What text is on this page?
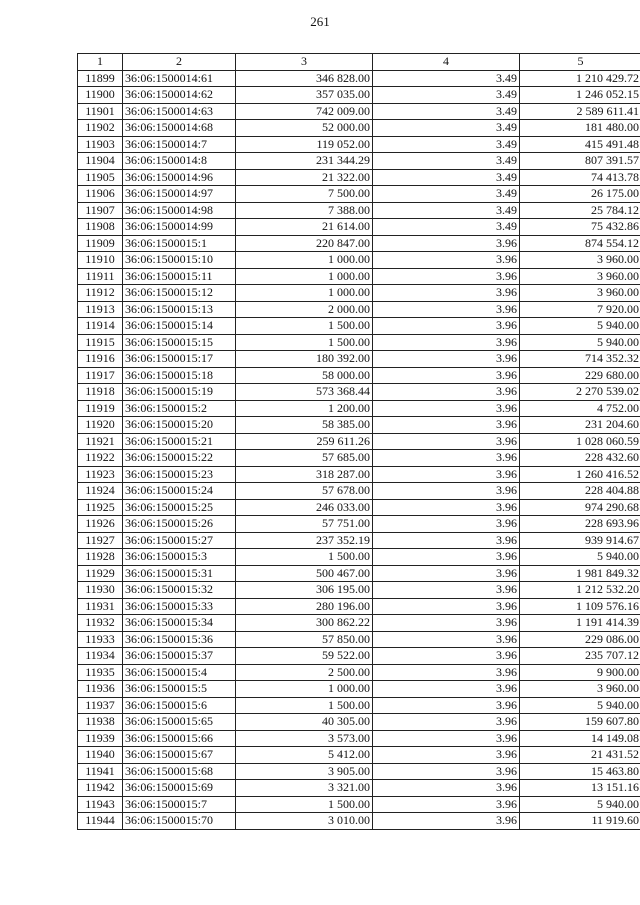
261
1	2	3	4	5
11899	36:06:1500014:61	346 828.00	3.49	1 210 429.72
11900	36:06:1500014:62	357 035.00	3.49	1 246 052.15
11901	36:06:1500014:63	742 009.00	3.49	2 589 611.41
11902	36:06:1500014:68	52 000.00	3.49	181 480.00
11903	36:06:1500014:7	119 052.00	3.49	415 491.48
11904	36:06:1500014:8	231 344.29	3.49	807 391.57
11905	36:06:1500014:96	21 322.00	3.49	74 413.78
11906	36:06:1500014:97	7 500.00	3.49	26 175.00
11907	36:06:1500014:98	7 388.00	3.49	25 784.12
11908	36:06:1500014:99	21 614.00	3.49	75 432.86
11909	36:06:1500015:1	220 847.00	3.96	874 554.12
11910	36:06:1500015:10	1 000.00	3.96	3 960.00
11911	36:06:1500015:11	1 000.00	3.96	3 960.00
11912	36:06:1500015:12	1 000.00	3.96	3 960.00
11913	36:06:1500015:13	2 000.00	3.96	7 920.00
11914	36:06:1500015:14	1 500.00	3.96	5 940.00
11915	36:06:1500015:15	1 500.00	3.96	5 940.00
11916	36:06:1500015:17	180 392.00	3.96	714 352.32
11917	36:06:1500015:18	58 000.00	3.96	229 680.00
11918	36:06:1500015:19	573 368.44	3.96	2 270 539.02
11919	36:06:1500015:2	1 200.00	3.96	4 752.00
11920	36:06:1500015:20	58 385.00	3.96	231 204.60
11921	36:06:1500015:21	259 611.26	3.96	1 028 060.59
11922	36:06:1500015:22	57 685.00	3.96	228 432.60
11923	36:06:1500015:23	318 287.00	3.96	1 260 416.52
11924	36:06:1500015:24	57 678.00	3.96	228 404.88
11925	36:06:1500015:25	246 033.00	3.96	974 290.68
11926	36:06:1500015:26	57 751.00	3.96	228 693.96
11927	36:06:1500015:27	237 352.19	3.96	939 914.67
11928	36:06:1500015:3	1 500.00	3.96	5 940.00
11929	36:06:1500015:31	500 467.00	3.96	1 981 849.32
11930	36:06:1500015:32	306 195.00	3.96	1 212 532.20
11931	36:06:1500015:33	280 196.00	3.96	1 109 576.16
11932	36:06:1500015:34	300 862.22	3.96	1 191 414.39
11933	36:06:1500015:36	57 850.00	3.96	229 086.00
11934	36:06:1500015:37	59 522.00	3.96	235 707.12
11935	36:06:1500015:4	2 500.00	3.96	9 900.00
11936	36:06:1500015:5	1 000.00	3.96	3 960.00
11937	36:06:1500015:6	1 500.00	3.96	5 940.00
11938	36:06:1500015:65	40 305.00	3.96	159 607.80
11939	36:06:1500015:66	3 573.00	3.96	14 149.08
11940	36:06:1500015:67	5 412.00	3.96	21 431.52
11941	36:06:1500015:68	3 905.00	3.96	15 463.80
11942	36:06:1500015:69	3 321.00	3.96	13 151.16
11943	36:06:1500015:7	1 500.00	3.96	5 940.00
11944	36:06:1500015:70	3 010.00	3.96	11 919.60
